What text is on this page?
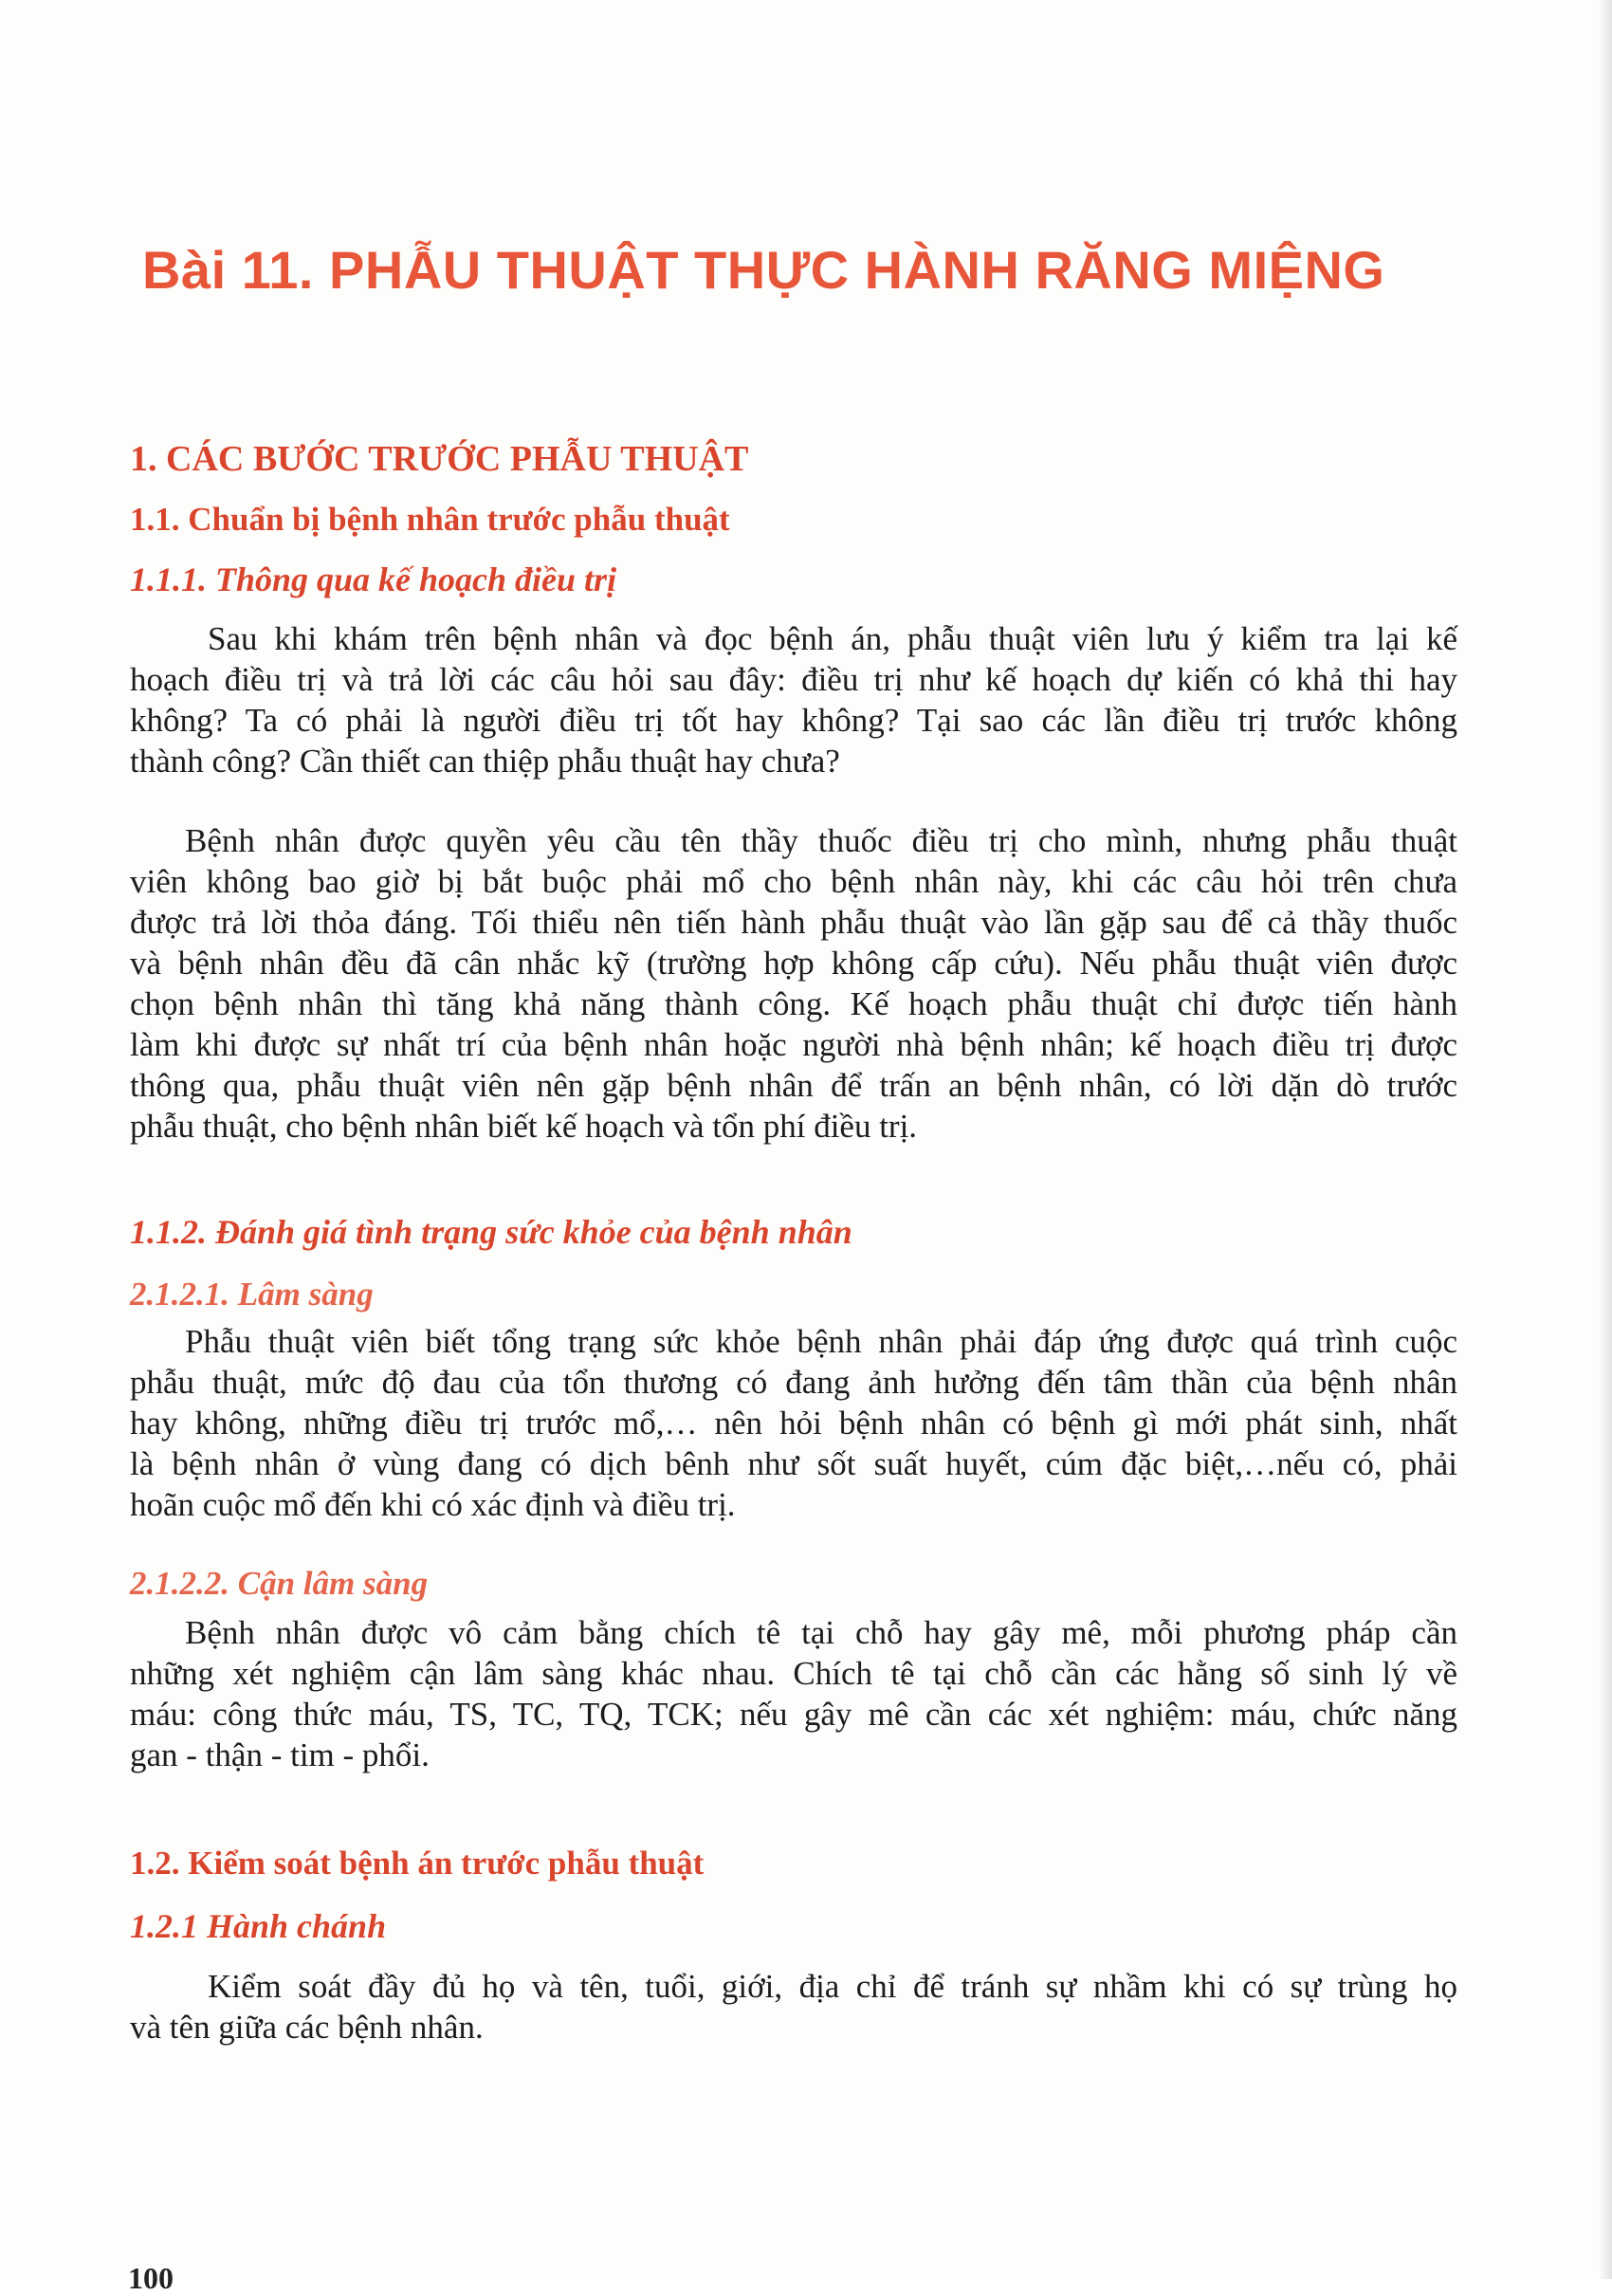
Bài 11. PHẪU THUẬT THỰC HÀNH RĂNG MIỆNG
1. CÁC BƯỚC TRƯỚC PHẪU THUẬT
1.1. Chuẩn bị bệnh nhân trước phẫu thuật
1.1.1. Thông qua kế hoạch điều trị
Sau khi khám trên bệnh nhân và đọc bệnh án, phẫu thuật viên lưu ý kiểm tra lại kế
hoạch điều trị và trả lời các câu hỏi sau đây: điều trị như kế hoạch dự kiến có khả thi hay
không? Ta có phải là người điều trị tốt hay không? Tại sao các lần điều trị trước không
thành công? Cần thiết can thiệp phẫu thuật hay chưa?
Bệnh nhân được quyền yêu cầu tên thầy thuốc điều trị cho mình, nhưng phẫu thuật
viên không bao giờ bị bắt buộc phải mổ cho bệnh nhân này, khi các câu hỏi trên chưa
được trả lời thỏa đáng. Tối thiểu nên tiến hành phẫu thuật vào lần gặp sau để cả thầy thuốc
và bệnh nhân đều đã cân nhắc kỹ (trường hợp không cấp cứu). Nếu phẫu thuật viên được
chọn bệnh nhân thì tăng khả năng thành công. Kế hoạch phẫu thuật chỉ được tiến hành
làm khi được sự nhất trí của bệnh nhân hoặc người nhà bệnh nhân; kế hoạch điều trị được
thông qua, phẫu thuật viên nên gặp bệnh nhân để trấn an bệnh nhân, có lời dặn dò trước
phẫu thuật, cho bệnh nhân biết kế hoạch và tổn phí điều trị.
1.1.2. Đánh giá tình trạng sức khỏe của bệnh nhân
2.1.2.1. Lâm sàng
Phẫu thuật viên biết tổng trạng sức khỏe bệnh nhân phải đáp ứng được quá trình cuộc
phẫu thuật, mức độ đau của tổn thương có đang ảnh hưởng đến tâm thần của bệnh nhân
hay không, những điều trị trước mổ,… nên hỏi bệnh nhân có bệnh gì mới phát sinh, nhất
là bệnh nhân ở vùng đang có dịch bênh như sốt suất huyết, cúm đặc biệt,…nếu có, phải
hoãn cuộc mổ đến khi có xác định và điều trị.
2.1.2.2. Cận lâm sàng
Bệnh nhân được vô cảm bằng chích tê tại chỗ hay gây mê, mỗi phương pháp cần
những xét nghiệm cận lâm sàng khác nhau. Chích tê tại chỗ cần các hằng số sinh lý về
máu: công thức máu, TS, TC, TQ, TCK; nếu gây mê cần các xét nghiệm: máu, chức năng
gan - thận - tim - phổi.
1.2. Kiểm soát bệnh án trước phẫu thuật
1.2.1 Hành chánh
Kiểm soát đầy đủ họ và tên, tuổi, giới, địa chỉ để tránh sự nhầm khi có sự trùng họ
và tên giữa các bệnh nhân.
100
